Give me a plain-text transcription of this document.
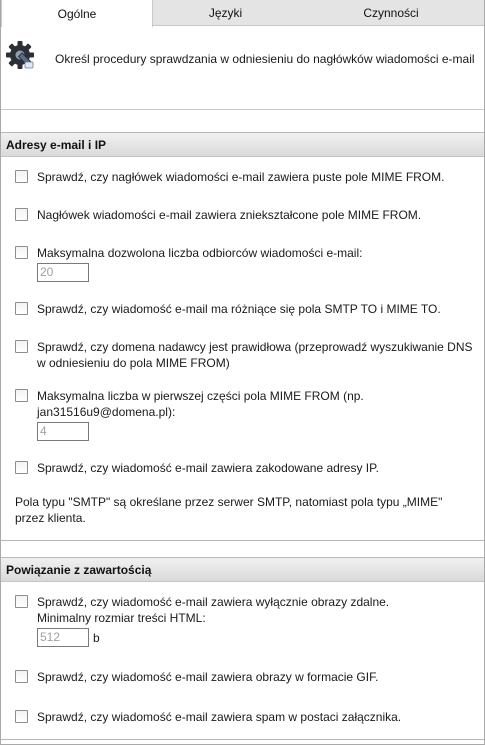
Ogólne	Języki	Czynności
Określ procedury sprawdzania w odniesieniu do nagłówków wiadomości e-mail
Adresy e-mail i IP
Sprawdź, czy nagłówek wiadomości e-mail zawiera puste pole MIME FROM.
Nagłówek wiadomości e-mail zawiera zniekształcone pole MIME FROM.
Maksymalna dozwolona liczba odbiorców wiadomości e-mail:
20
Sprawdź, czy wiadomość e-mail ma różniące się pola SMTP TO i MIME TO.
Sprawdź, czy domena nadawcy jest prawidłowa (przeprowadź wyszukiwanie DNS w odniesieniu do pola MIME FROM)
Maksymalna liczba w pierwszej części pola MIME FROM (np. jan31516u9@domena.pl):
4
Sprawdź, czy wiadomość e-mail zawiera zakodowane adresy IP.
Pola typu "SMTP" są określane przez serwer SMTP, natomiast pola typu „MIME" przez klienta.
Powiązanie z zawartością
Sprawdź, czy wiadomość e-mail zawiera wyłącznie obrazy zdalne.
Minimalny rozmiar treści HTML:
512	b
Sprawdź, czy wiadomość e-mail zawiera obrazy w formacie GIF.
Sprawdź, czy wiadomość e-mail zawiera spam w postaci załącznika.
